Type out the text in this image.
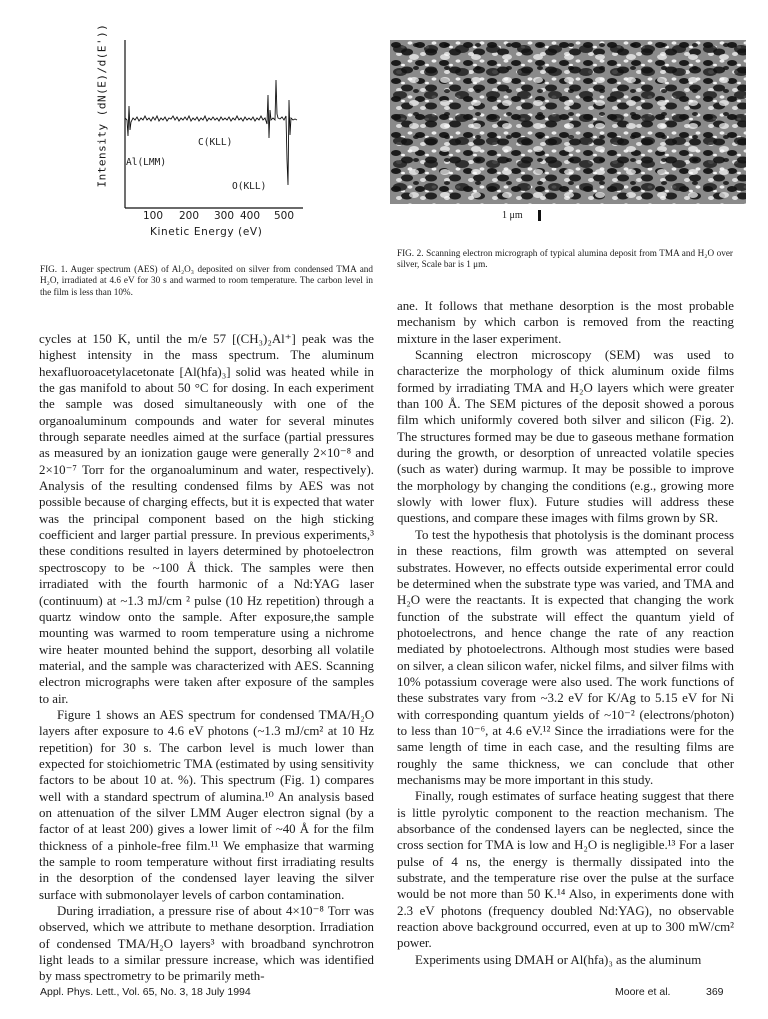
Intensity (dN(E)/d(E'))	C(KLL)
Al(LMM)
O(KLL)
100 200 300 400 500
Kinetic Energy (eV)
FIG. 1. Auger spectrum (AES) of Al₂O₃ deposited on silver from condensed TMA and H₂O, irradiated at 4.6 eV for 30 s and warmed to room temperature. The carbon level in the film is less than 10%.
1 μm
FIG. 2. Scanning electron micrograph of typical alumina deposit from TMA and H₂O over silver, Scale bar is 1 μm.

cycles at 150 K, until the m/e 57 [(CH₃)₂Al⁺] peak was the highest intensity in the mass spectrum. The aluminum hexafluoroacetylacetonate [Al(hfa)₃] solid was heated while in the gas manifold to about 50 °C for dosing. In each experiment the sample was dosed simultaneously with one of the organoaluminum compounds and water for several minutes through separate needles aimed at the surface (partial pressures as measured by an ionization gauge were generally 2×10⁻⁸ and 2×10⁻⁷ Torr for the organoaluminum and water, respectively). Analysis of the resulting condensed films by AES was not possible because of charging effects, but it is expected that water was the principal component based on the high sticking coefficient and larger partial pressure. In previous experiments,³ these conditions resulted in layers determined by photoelectron spectroscopy to be ~100 Å thick. The samples were then irradiated with the fourth harmonic of a Nd:YAG laser (continuum) at ~1.3 mJ/cm ² pulse (10 Hz repetition) through a quartz window onto the sample. After exposure,the sample mounting was warmed to room temperature using a nichrome wire heater mounted behind the support, desorbing all volatile material, and the sample was characterized with AES. Scanning electron micrographs were taken after exposure of the samples to air.

Figure 1 shows an AES spectrum for condensed TMA/H₂O layers after exposure to 4.6 eV photons (~1.3 mJ/cm² at 10 Hz repetition) for 30 s. The carbon level is much lower than expected for stoichiometric TMA (estimated by using sensitivity factors to be about 10 at. %). This spectrum (Fig. 1) compares well with a standard spectrum of alumina.¹⁰ An analysis based on attenuation of the silver LMM Auger electron signal (by a factor of at least 200) gives a lower limit of ~40 Å for the film thickness of a pinhole-free film.¹¹ We emphasize that warming the sample to room temperature without first irradiating results in the desorption of the condensed layer leaving the silver surface with submonolayer levels of carbon contamination.

During irradiation, a pressure rise of about 4×10⁻⁸ Torr was observed, which we attribute to methane desorption. Irradiation of condensed TMA/H₂O layers³ with broadband synchrotron light leads to a similar pressure increase, which was identified by mass spectrometry to be primarily meth-

ane. It follows that methane desorption is the most probable mechanism by which carbon is removed from the reacting mixture in the laser experiment.

Scanning electron microscopy (SEM) was used to characterize the morphology of thick aluminum oxide films formed by irradiating TMA and H₂O layers which were greater than 100 Å. The SEM pictures of the deposit showed a porous film which uniformly covered both silver and silicon (Fig. 2). The structures formed may be due to gaseous methane formation during the growth, or desorption of unreacted volatile species (such as water) during warmup. It may be possible to improve the morphology by changing the conditions (e.g., growing more slowly with lower flux). Future studies will address these questions, and compare these images with films grown by SR.

To test the hypothesis that photolysis is the dominant process in these reactions, film growth was attempted on several substrates. However, no effects outside experimental error could be determined when the substrate type was varied, and TMA and H₂O were the reactants. It is expected that changing the work function of the substrate will effect the quantum yield of photoelectrons, and hence change the rate of any reaction mediated by photoelectrons. Although most studies were based on silver, a clean silicon wafer, nickel films, and silver films with 10% potassium coverage were also used. The work functions of these substrates vary from ~3.2 eV for K/Ag to 5.15 eV for Ni with corresponding quantum yields of ~10⁻² (electrons/photon) to less than 10⁻⁶, at 4.6 eV.¹² Since the irradiations were for the same length of time in each case, and the resulting films are roughly the same thickness, we can conclude that other mechanisms may be more important in this study.

Finally, rough estimates of surface heating suggest that there is little pyrolytic component to the reaction mechanism. The absorbance of the condensed layers can be neglected, since the cross section for TMA is low and H₂O is negligible.¹³ For a laser pulse of 4 ns, the energy is thermally dissipated into the substrate, and the temperature rise over the pulse at the surface would be not more than 50 K.¹⁴ Also, in experiments done with 2.3 eV photons (frequency doubled Nd:YAG), no observable reaction above background occurred, even at up to 300 mW/cm² power.

Experiments using DMAH or Al(hfa)₃ as the aluminum

Appl. Phys. Lett., Vol. 65, No. 3, 18 July 1994	Moore et al.	369
